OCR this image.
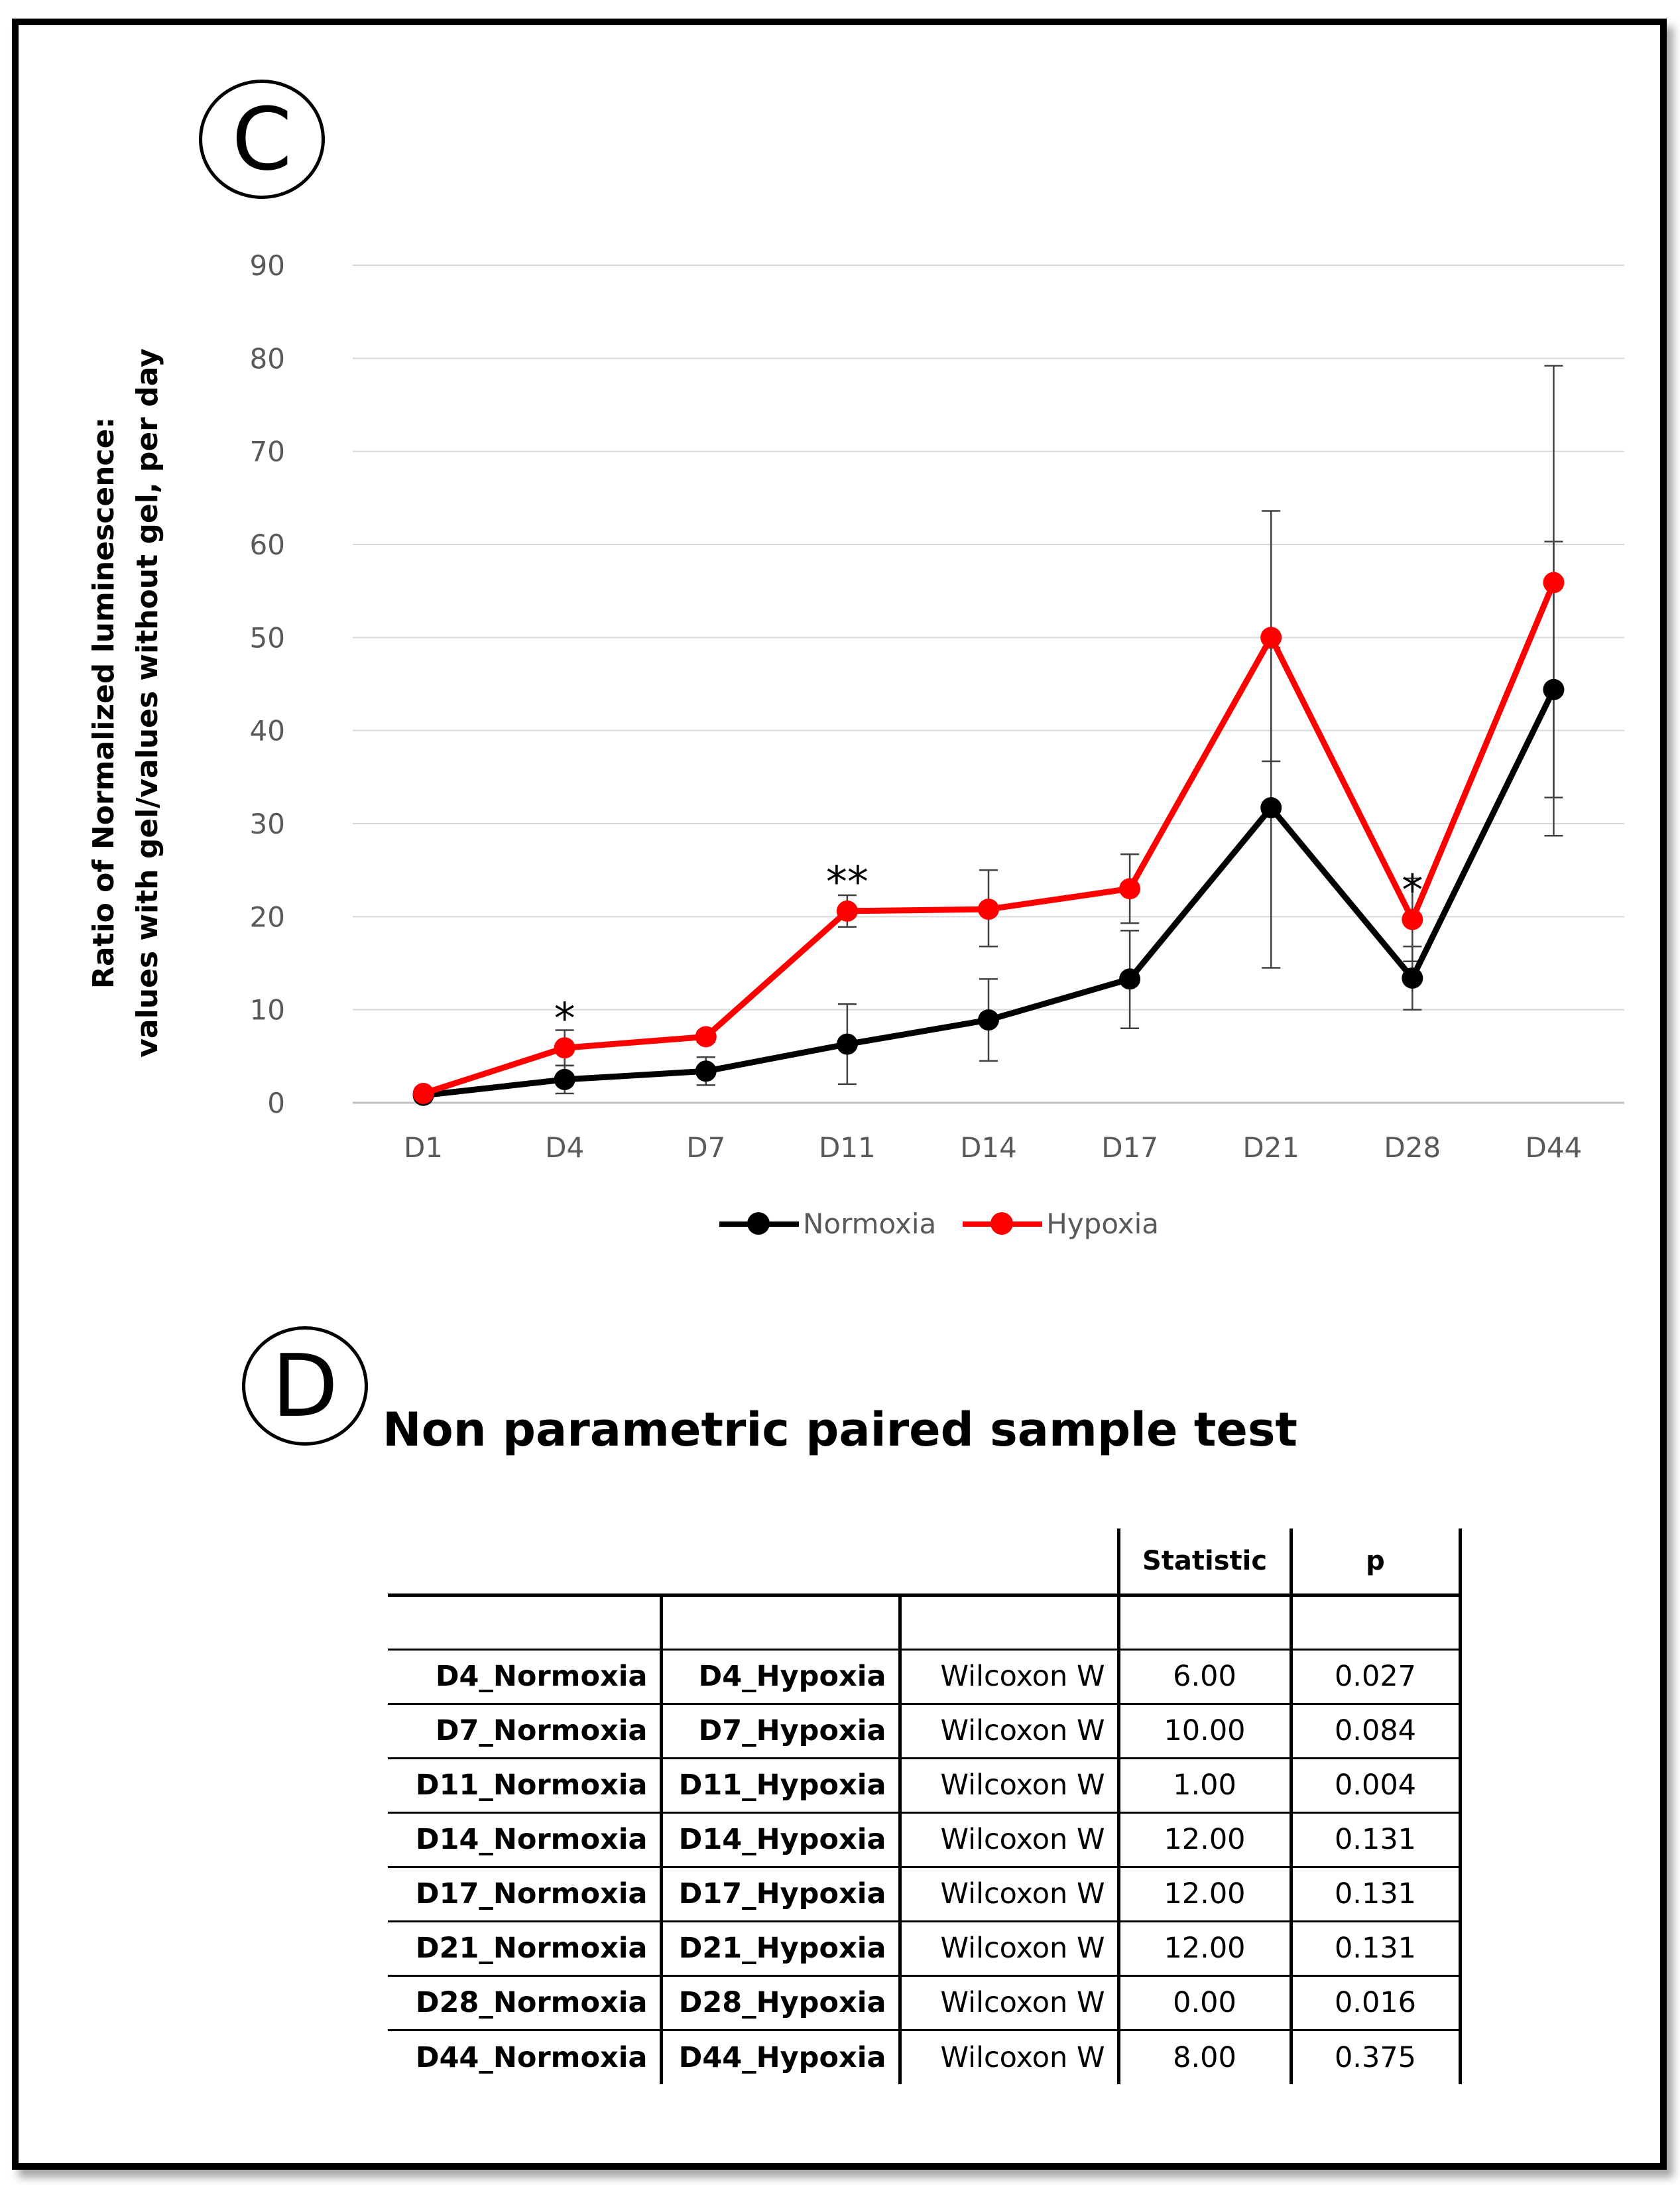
C
Ratio of Normalized luminescence: values with gel/values without gel, per day
0
10
20
30
40
50
60
70
80
90
D1	D4	D7	D11	D14	D17	D21	D28	D44
*
**	*
Normoxia	Hypoxia
D Non parametric paired sample test
			Statistic	p

D4_Normoxia	D4_Hypoxia	Wilcoxon W	6.00	0.027
D7_Normoxia	D7_Hypoxia	Wilcoxon W	10.00	0.084
D11_Normoxia	D11_Hypoxia	Wilcoxon W	1.00	0.004
D14_Normoxia	D14_Hypoxia	Wilcoxon W	12.00	0.131
D17_Normoxia	D17_Hypoxia	Wilcoxon W	12.00	0.131
D21_Normoxia	D21_Hypoxia	Wilcoxon W	12.00	0.131
D28_Normoxia	D28_Hypoxia	Wilcoxon W	0.00	0.016
D44_Normoxia	D44_Hypoxia	Wilcoxon W	8.00	0.375
